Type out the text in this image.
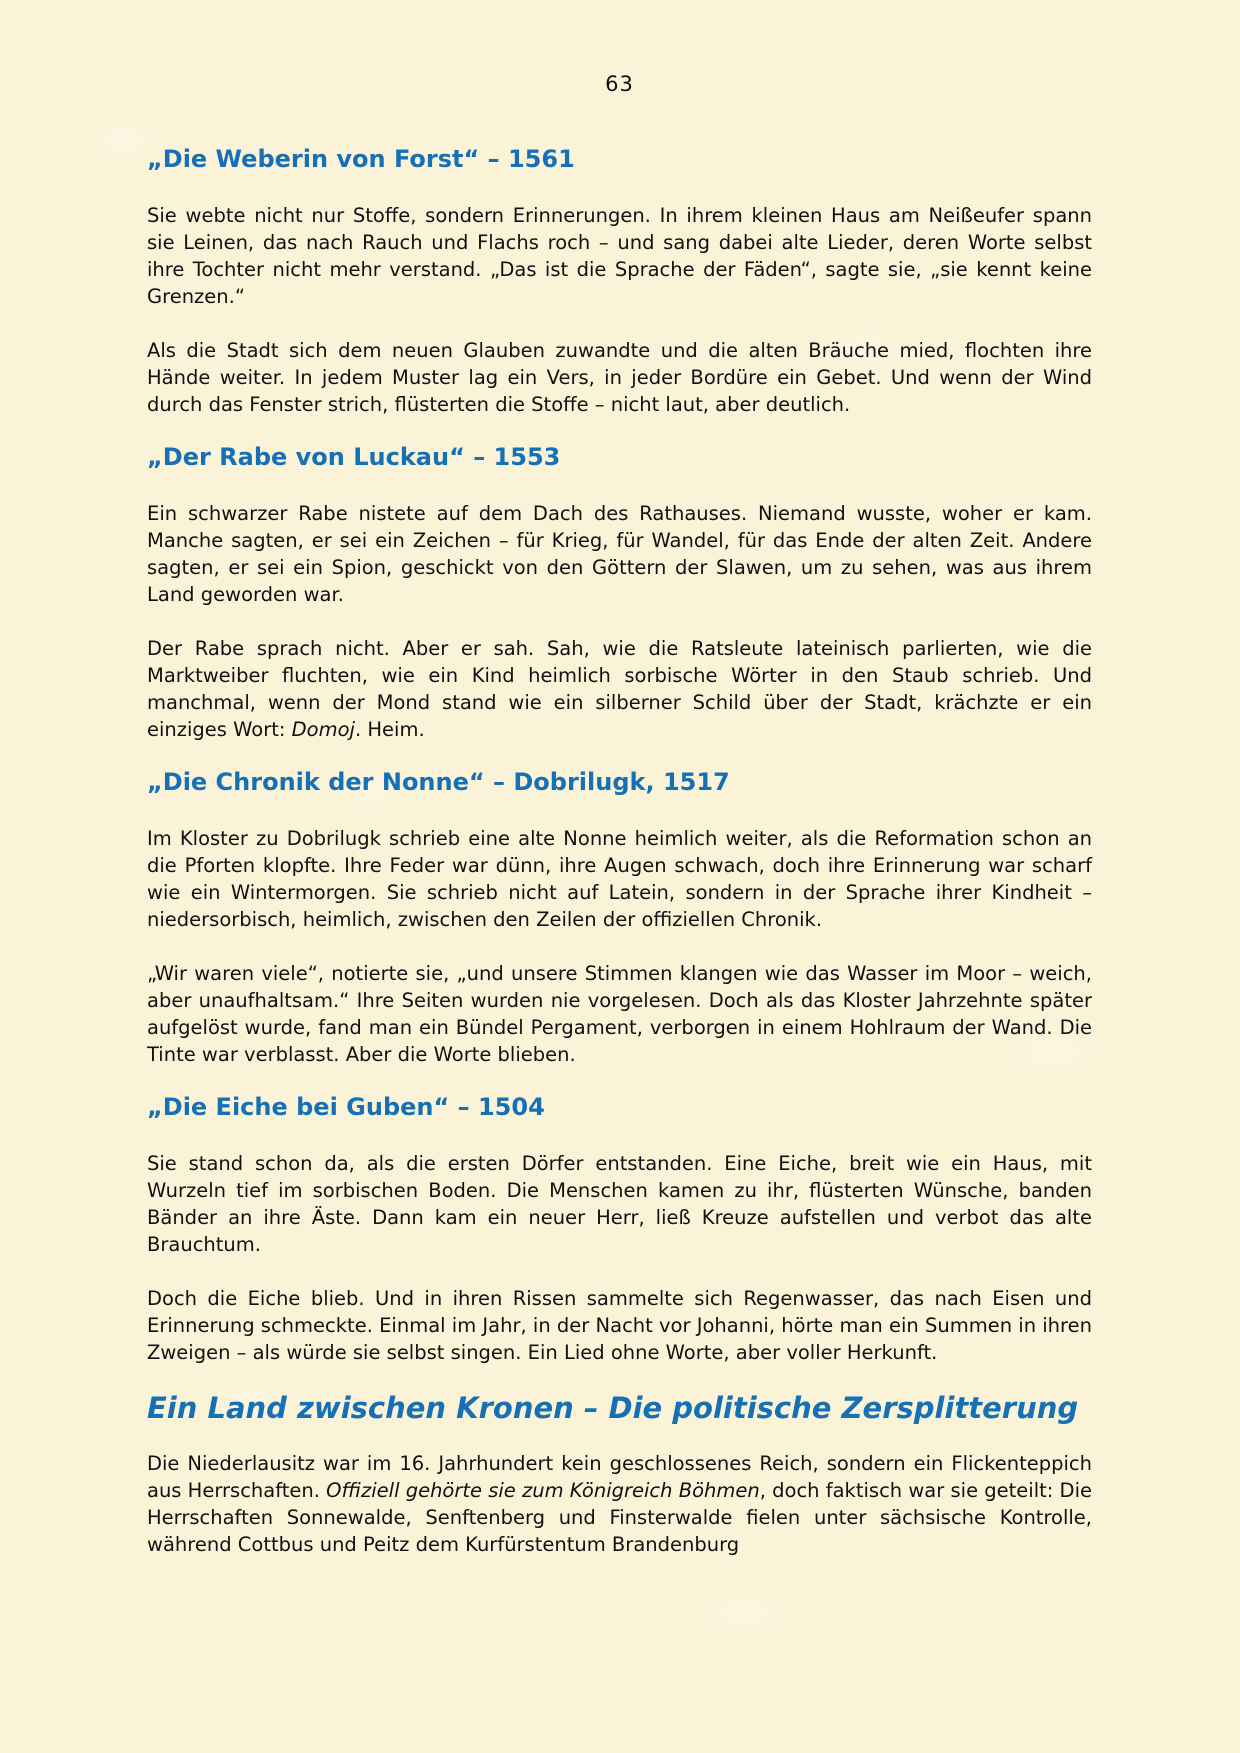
63
„Die Weberin von Forst“ – 1561

Sie webte nicht nur Stoffe, sondern Erinnerungen. In ihrem kleinen Haus am Neißeufer spann sie Leinen, das nach Rauch und Flachs roch – und sang dabei alte Lieder, deren Worte selbst ihre Tochter nicht mehr verstand. „Das ist die Sprache der Fäden“, sagte sie, „sie kennt keine Grenzen.“

Als die Stadt sich dem neuen Glauben zuwandte und die alten Bräuche mied, flochten ihre Hände weiter. In jedem Muster lag ein Vers, in jeder Bordüre ein Gebet. Und wenn der Wind durch das Fenster strich, flüsterten die Stoffe – nicht laut, aber deutlich.

„Der Rabe von Luckau“ – 1553

Ein schwarzer Rabe nistete auf dem Dach des Rathauses. Niemand wusste, woher er kam. Manche sagten, er sei ein Zeichen – für Krieg, für Wandel, für das Ende der alten Zeit. Andere sagten, er sei ein Spion, geschickt von den Göttern der Slawen, um zu sehen, was aus ihrem Land geworden war.

Der Rabe sprach nicht. Aber er sah. Sah, wie die Ratsleute lateinisch parlierten, wie die Marktweiber fluchten, wie ein Kind heimlich sorbische Wörter in den Staub schrieb. Und manchmal, wenn der Mond stand wie ein silberner Schild über der Stadt, krächzte er ein einziges Wort: Domoj. Heim.

„Die Chronik der Nonne“ – Dobrilugk, 1517

Im Kloster zu Dobrilugk schrieb eine alte Nonne heimlich weiter, als die Reformation schon an die Pforten klopfte. Ihre Feder war dünn, ihre Augen schwach, doch ihre Erinnerung war scharf wie ein Wintermorgen. Sie schrieb nicht auf Latein, sondern in der Sprache ihrer Kindheit – niedersorbisch, heimlich, zwischen den Zeilen der offiziellen Chronik.

„Wir waren viele“, notierte sie, „und unsere Stimmen klangen wie das Wasser im Moor – weich, aber unaufhaltsam.“ Ihre Seiten wurden nie vorgelesen. Doch als das Kloster Jahrzehnte später aufgelöst wurde, fand man ein Bündel Pergament, verborgen in einem Hohlraum der Wand. Die Tinte war verblasst. Aber die Worte blieben.

„Die Eiche bei Guben“ – 1504

Sie stand schon da, als die ersten Dörfer entstanden. Eine Eiche, breit wie ein Haus, mit Wurzeln tief im sorbischen Boden. Die Menschen kamen zu ihr, flüsterten Wünsche, banden Bänder an ihre Äste. Dann kam ein neuer Herr, ließ Kreuze aufstellen und verbot das alte Brauchtum.

Doch die Eiche blieb. Und in ihren Rissen sammelte sich Regenwasser, das nach Eisen und Erinnerung schmeckte. Einmal im Jahr, in der Nacht vor Johanni, hörte man ein Summen in ihren Zweigen – als würde sie selbst singen. Ein Lied ohne Worte, aber voller Herkunft.

Ein Land zwischen Kronen – Die politische Zersplitterung

Die Niederlausitz war im 16. Jahrhundert kein geschlossenes Reich, sondern ein Flickenteppich aus Herrschaften. Offiziell gehörte sie zum Königreich Böhmen, doch faktisch war sie geteilt: Die Herrschaften Sonnewalde, Senftenberg und Finsterwalde fielen unter sächsische Kontrolle, während Cottbus und Peitz dem Kurfürstentum Brandenburg
